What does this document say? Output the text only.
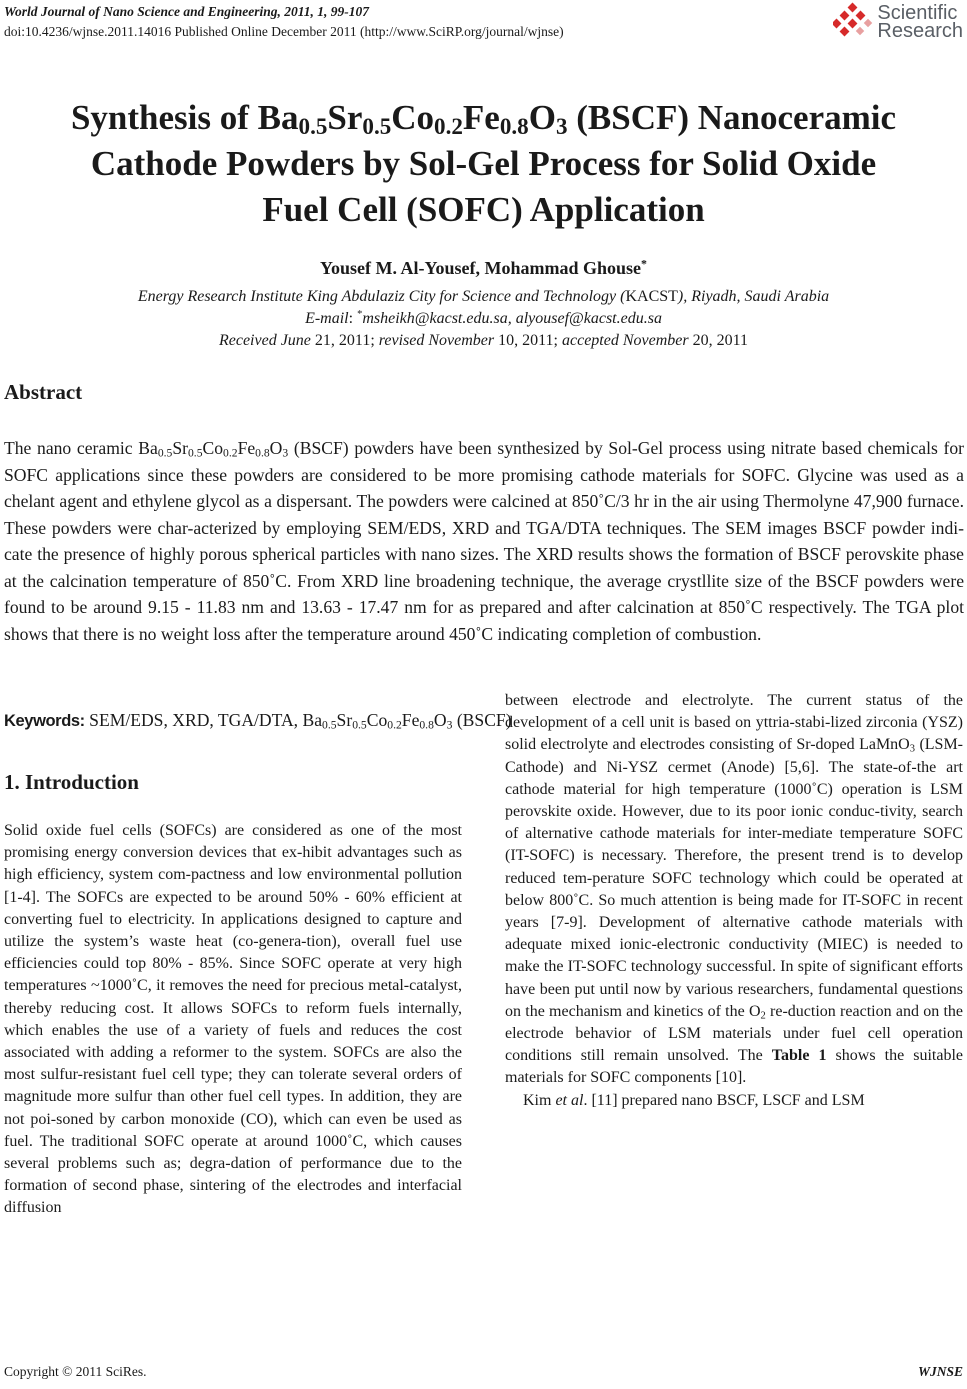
World Journal of Nano Science and Engineering, 2011, 1, 99-107
doi:10.4236/wjnse.2011.14016 Published Online December 2011 (http://www.SciRP.org/journal/wjnse)
Scientific
Research
Synthesis of $Ba_{0.5}Sr_{0.5}Co_{0.2}Fe_{0.8}O_3$ (BSCF) Nanoceramic
Cathode Powders by Sol-Gel Process for Solid Oxide
Fuel Cell (SOFC) Application
Yousef M. Al-Yousef, Mohammad Ghouse*
Energy Research Institute King Abdulaziz City for Science and Technology (KACST), Riyadh, Saudi Arabia
E-mail: *msheikh@kacst.edu.sa, alyousef@kacst.edu.sa
Received June 21, 2011; revised November 10, 2011; accepted November 20, 2011
Abstract
The nano ceramic $Ba_{0.5}Sr_{0.5}Co_{0.2}Fe_{0.8}O_3$ (BSCF) powders have been synthesized by Sol-Gel process using nitrate based chemicals for SOFC applications since these powders are considered to be more promising cathode materials for SOFC. Glycine was used as a chelant agent and ethylene glycol as a dispersant. The powders were calcined at 850˚C/3 hr in the air using Thermolyne 47,900 furnace. These powders were char-acterized by employing SEM/EDS, XRD and TGA/DTA techniques. The SEM images BSCF powder indi-cate the presence of highly porous spherical particles with nano sizes. The XRD results shows the formation of BSCF perovskite phase at the calcination temperature of 850˚C. From XRD line broadening technique, the average crystllite size of the BSCF powders were found to be around 9.15 - 11.83 nm and 13.63 - 17.47 nm for as prepared and after calcination at 850˚C respectively. The TGA plot shows that there is no weight loss after the temperature around 450˚C indicating completion of combustion.
Keywords: SEM/EDS, XRD, TGA/DTA, $Ba_{0.5}Sr_{0.5}Co_{0.2}Fe_{0.8}O_3$ (BSCF)
1. Introduction
Solid oxide fuel cells (SOFCs) are considered as one of the most promising energy conversion devices that ex-hibit advantages such as high efficiency, system com-pactness and low environmental pollution [1-4]. The SOFCs are expected to be around 50% - 60% efficient at converting fuel to electricity. In applications designed to capture and utilize the system’s waste heat (co-genera-tion), overall fuel use efficiencies could top 80% - 85%. Since SOFC operate at very high temperatures ~1000˚C, it removes the need for precious metal-catalyst, thereby reducing cost. It allows SOFCs to reform fuels internally, which enables the use of a variety of fuels and reduces the cost associated with adding a reformer to the system. SOFCs are also the most sulfur-resistant fuel cell type; they can tolerate several orders of magnitude more sulfur than other fuel cell types. In addition, they are not poi-soned by carbon monoxide (CO), which can even be used as fuel. The traditional SOFC operate at around 1000˚C, which causes several problems such as; degra-dation of performance due to the formation of second phase, sintering of the electrodes and interfacial diffusion
between electrode and electrolyte. The current status of the development of a cell unit is based on yttria-stabi-lized zirconia (YSZ) solid electrolyte and electrodes consisting of Sr-doped LaMnO$_3$ (LSM-Cathode) and Ni-YSZ cermet (Anode) [5,6]. The state-of-the art cathode material for high temperature (1000˚C) operation is LSM perovskite oxide. However, due to its poor ionic conduc-tivity, search of alternative cathode materials for inter-mediate temperature SOFC (IT-SOFC) is necessary. Therefore, the present trend is to develop reduced tem-perature SOFC technology which could be operated at below 800˚C. So much attention is being made for IT-SOFC in recent years [7-9]. Development of alternative cathode materials with adequate mixed ionic-electronic conductivity (MIEC) is needed to make the IT-SOFC technology successful. In spite of significant efforts have been put until now by various researchers, fundamental questions on the mechanism and kinetics of the $O_2$ re-duction reaction and on the electrode behavior of LSM materials under fuel cell operation conditions still remain unsolved. The Table 1 shows the suitable materials for SOFC components [10].
Kim et al. [11] prepared nano BSCF, LSCF and LSM
Copyright © 2011 SciRes.	WJNSE
